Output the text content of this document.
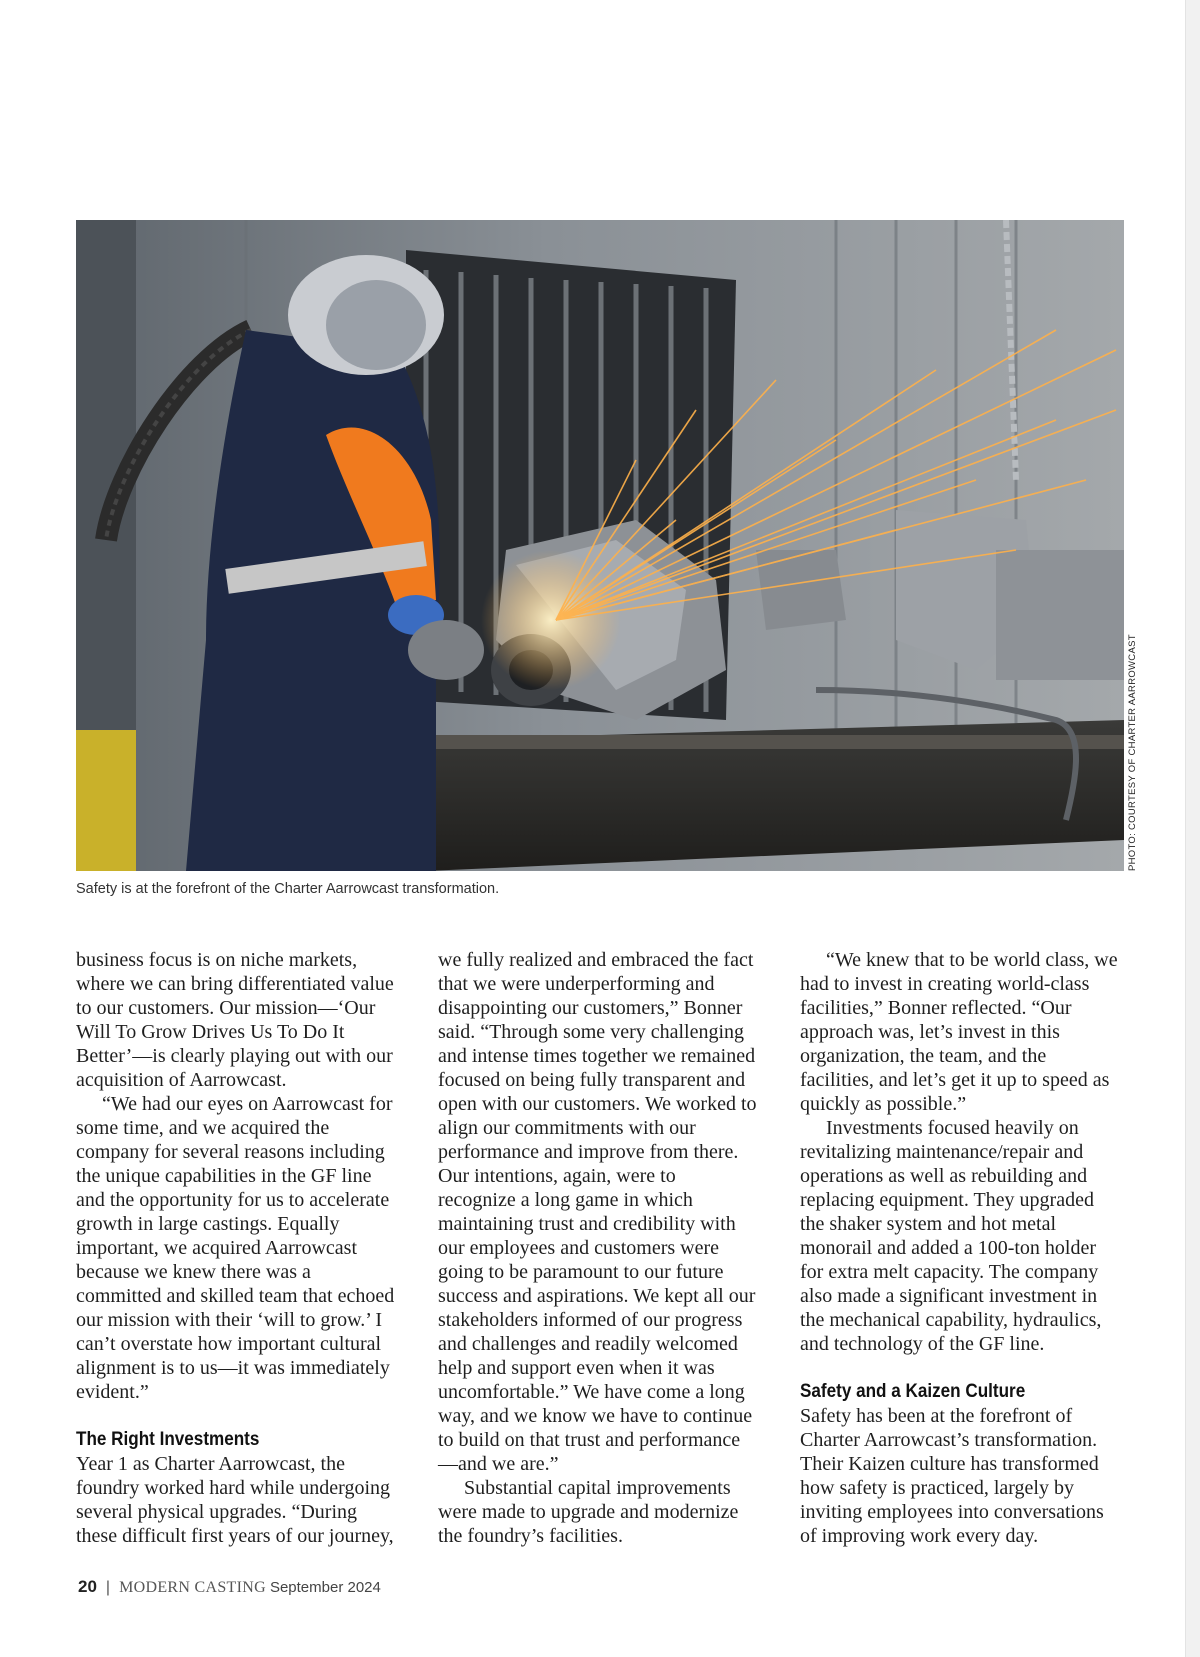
PHOTO: COURTESY OF CHARTER AARROWCAST
Safety is at the forefront of the Charter Aarrowcast transformation.

business focus is on niche markets, where we can bring differentiated value to our customers. Our mission––‘Our Will To Grow Drives Us To Do It Better’—is clearly playing out with our acquisition of Aarrowcast.

“We had our eyes on Aarrowcast for some time, and we acquired the company for several reasons including the unique capabilities in the GF line and the opportunity for us to accelerate growth in large castings. Equally important, we acquired Aarrowcast because we knew there was a committed and skilled team that echoed our mission with their ‘will to grow.’ I can’t overstate how important cultural alignment is to us—it was immediately evident.”

The Right Investments

Year 1 as Charter Aarrowcast, the foundry worked hard while undergoing several physical upgrades. “During these difficult first years of our journey,

we fully realized and embraced the fact that we were underperforming and disappointing our customers,” Bonner said. “Through some very challenging and intense times together we remained focused on being fully transparent and open with our customers. We worked to align our commitments with our performance and improve from there. Our intentions, again, were to recognize a long game in which maintaining trust and credibility with our employees and customers were going to be paramount to our future success and aspirations. We kept all our stakeholders informed of our progress and challenges and readily welcomed help and support even when it was uncomfortable.” We have come a long way, and we know we have to continue to build on that trust and performance—and we are.”

Substantial capital improvements were made to upgrade and modernize the foundry’s facilities.

“We knew that to be world class, we had to invest in creating world-class facilities,” Bonner reflected. “Our approach was, let’s invest in this organization, the team, and the facilities, and let’s get it up to speed as quickly as possible.”

Investments focused heavily on revitalizing maintenance/repair and operations as well as rebuilding and replacing equipment. They upgraded the shaker system and hot metal monorail and added a 100-ton holder for extra melt capacity. The company also made a significant investment in the mechanical capability, hydraulics, and technology of the GF line.

Safety and a Kaizen Culture

Safety has been at the forefront of Charter Aarrowcast’s transformation. Their Kaizen culture has transformed how safety is practiced, largely by inviting employees into conversations of improving work every day.

20 | MODERN CASTING September 2024
